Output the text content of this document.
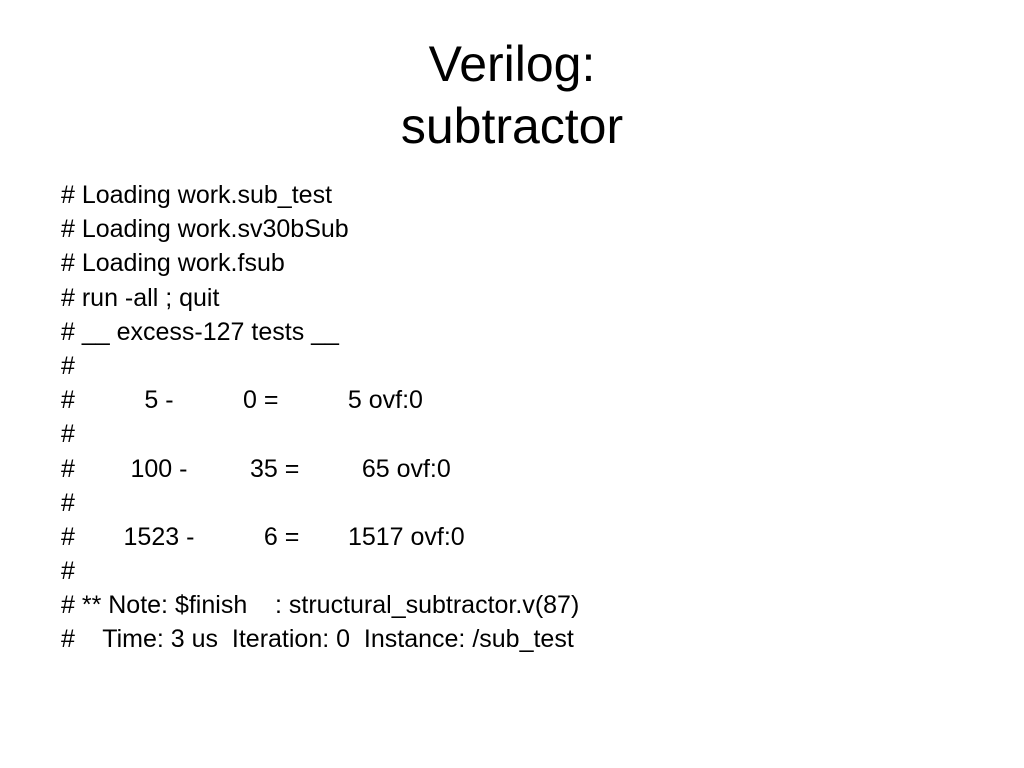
Verilog:
subtractor
# Loading work.sub_test
# Loading work.sv30bSub
# Loading work.fsub
# run -all ; quit
# __ excess-127 tests __
#
#          5 -          0 =          5 ovf:0
#
#        100 -         35 =         65 ovf:0
#
#       1523 -          6 =       1517 ovf:0
#
# ** Note: $finish    : structural_subtractor.v(87)
#    Time: 3 us  Iteration: 0  Instance: /sub_test
